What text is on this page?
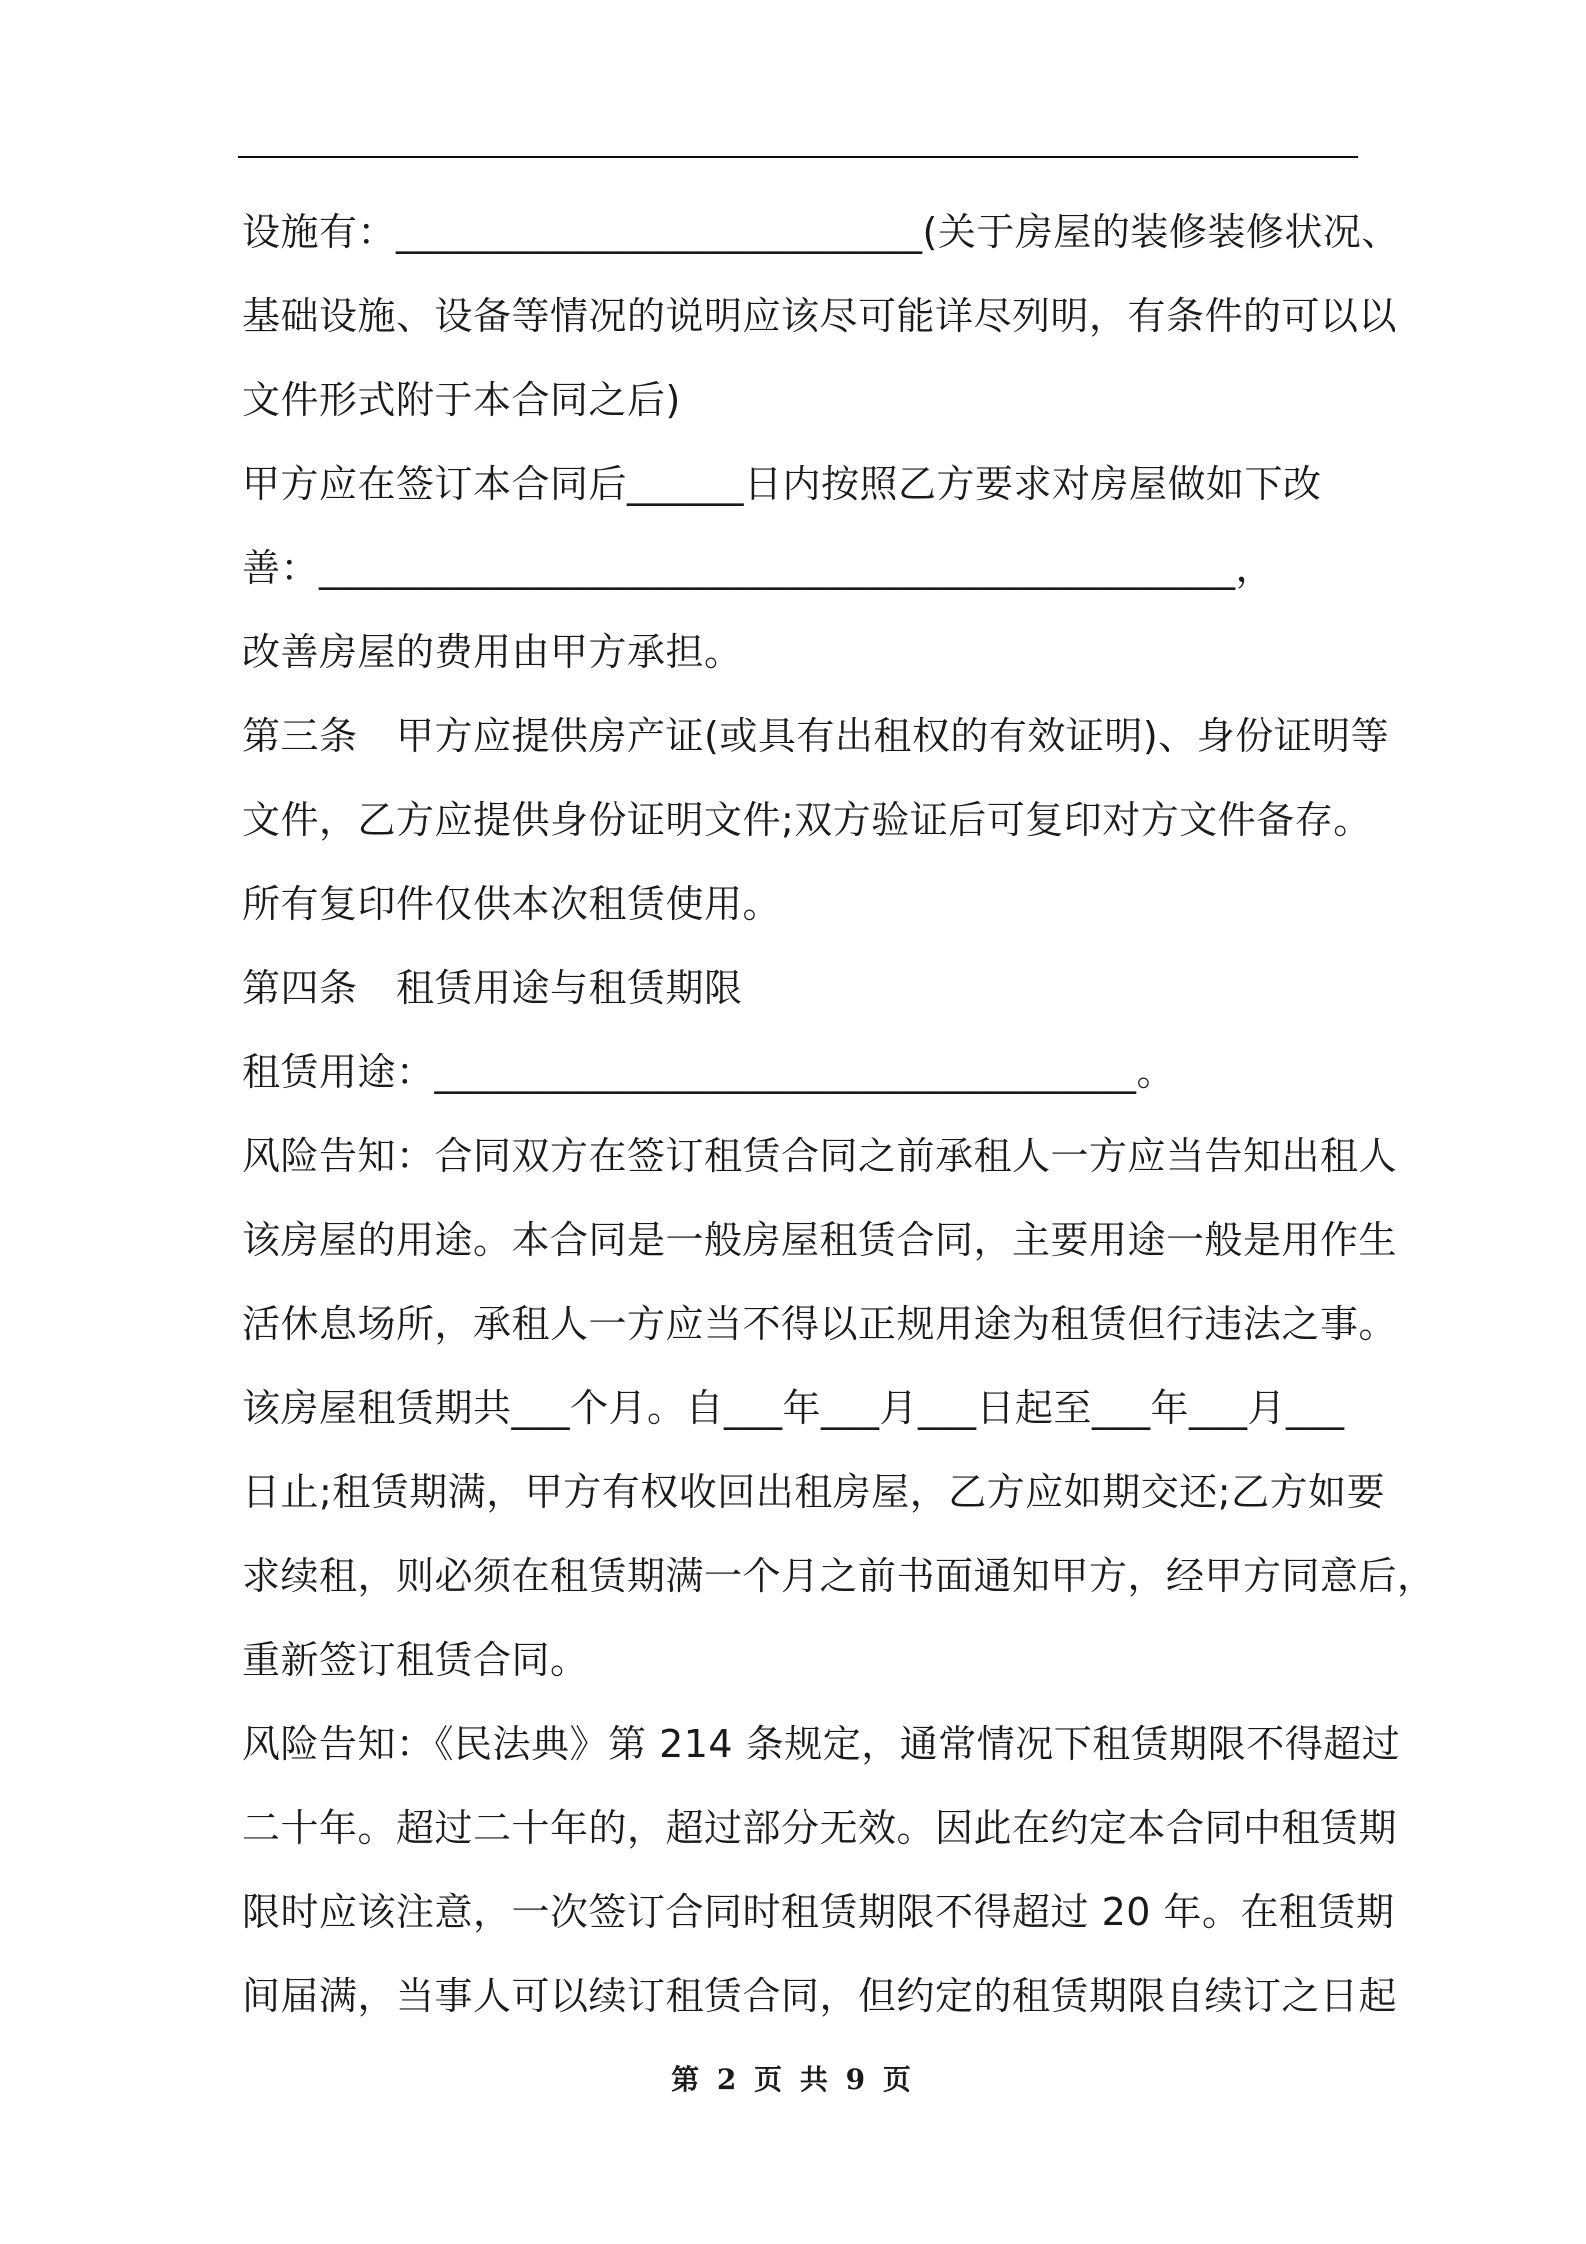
设施有：___________________________(关于房屋的装修装修状况、
基础设施、设备等情况的说明应该尽可能详尽列明，有条件的可以以
文件形式附于本合同之后)
甲方应在签订本合同后______日内按照乙方要求对房屋做如下改
善：_______________________________________________，
改善房屋的费用由甲方承担。
第三条　甲方应提供房产证(或具有出租权的有效证明)、身份证明等
文件，乙方应提供身份证明文件;双方验证后可复印对方文件备存。
所有复印件仅供本次租赁使用。
第四条　租赁用途与租赁期限
租赁用途：____________________________________。
风险告知：合同双方在签订租赁合同之前承租人一方应当告知出租人
该房屋的用途。本合同是一般房屋租赁合同，主要用途一般是用作生
活休息场所，承租人一方应当不得以正规用途为租赁但行违法之事。
该房屋租赁期共___个月。自___年___月___日起至___年___月___
日止;租赁期满，甲方有权收回出租房屋，乙方应如期交还;乙方如要
求续租，则必须在租赁期满一个月之前书面通知甲方，经甲方同意后，
重新签订租赁合同。
风险告知：《民法典》第 214 条规定，通常情况下租赁期限不得超过
二十年。超过二十年的，超过部分无效。因此在约定本合同中租赁期
限时应该注意，一次签订合同时租赁期限不得超过 20 年。在租赁期
间届满，当事人可以续订租赁合同，但约定的租赁期限自续订之日起
第 2 页 共 9 页
